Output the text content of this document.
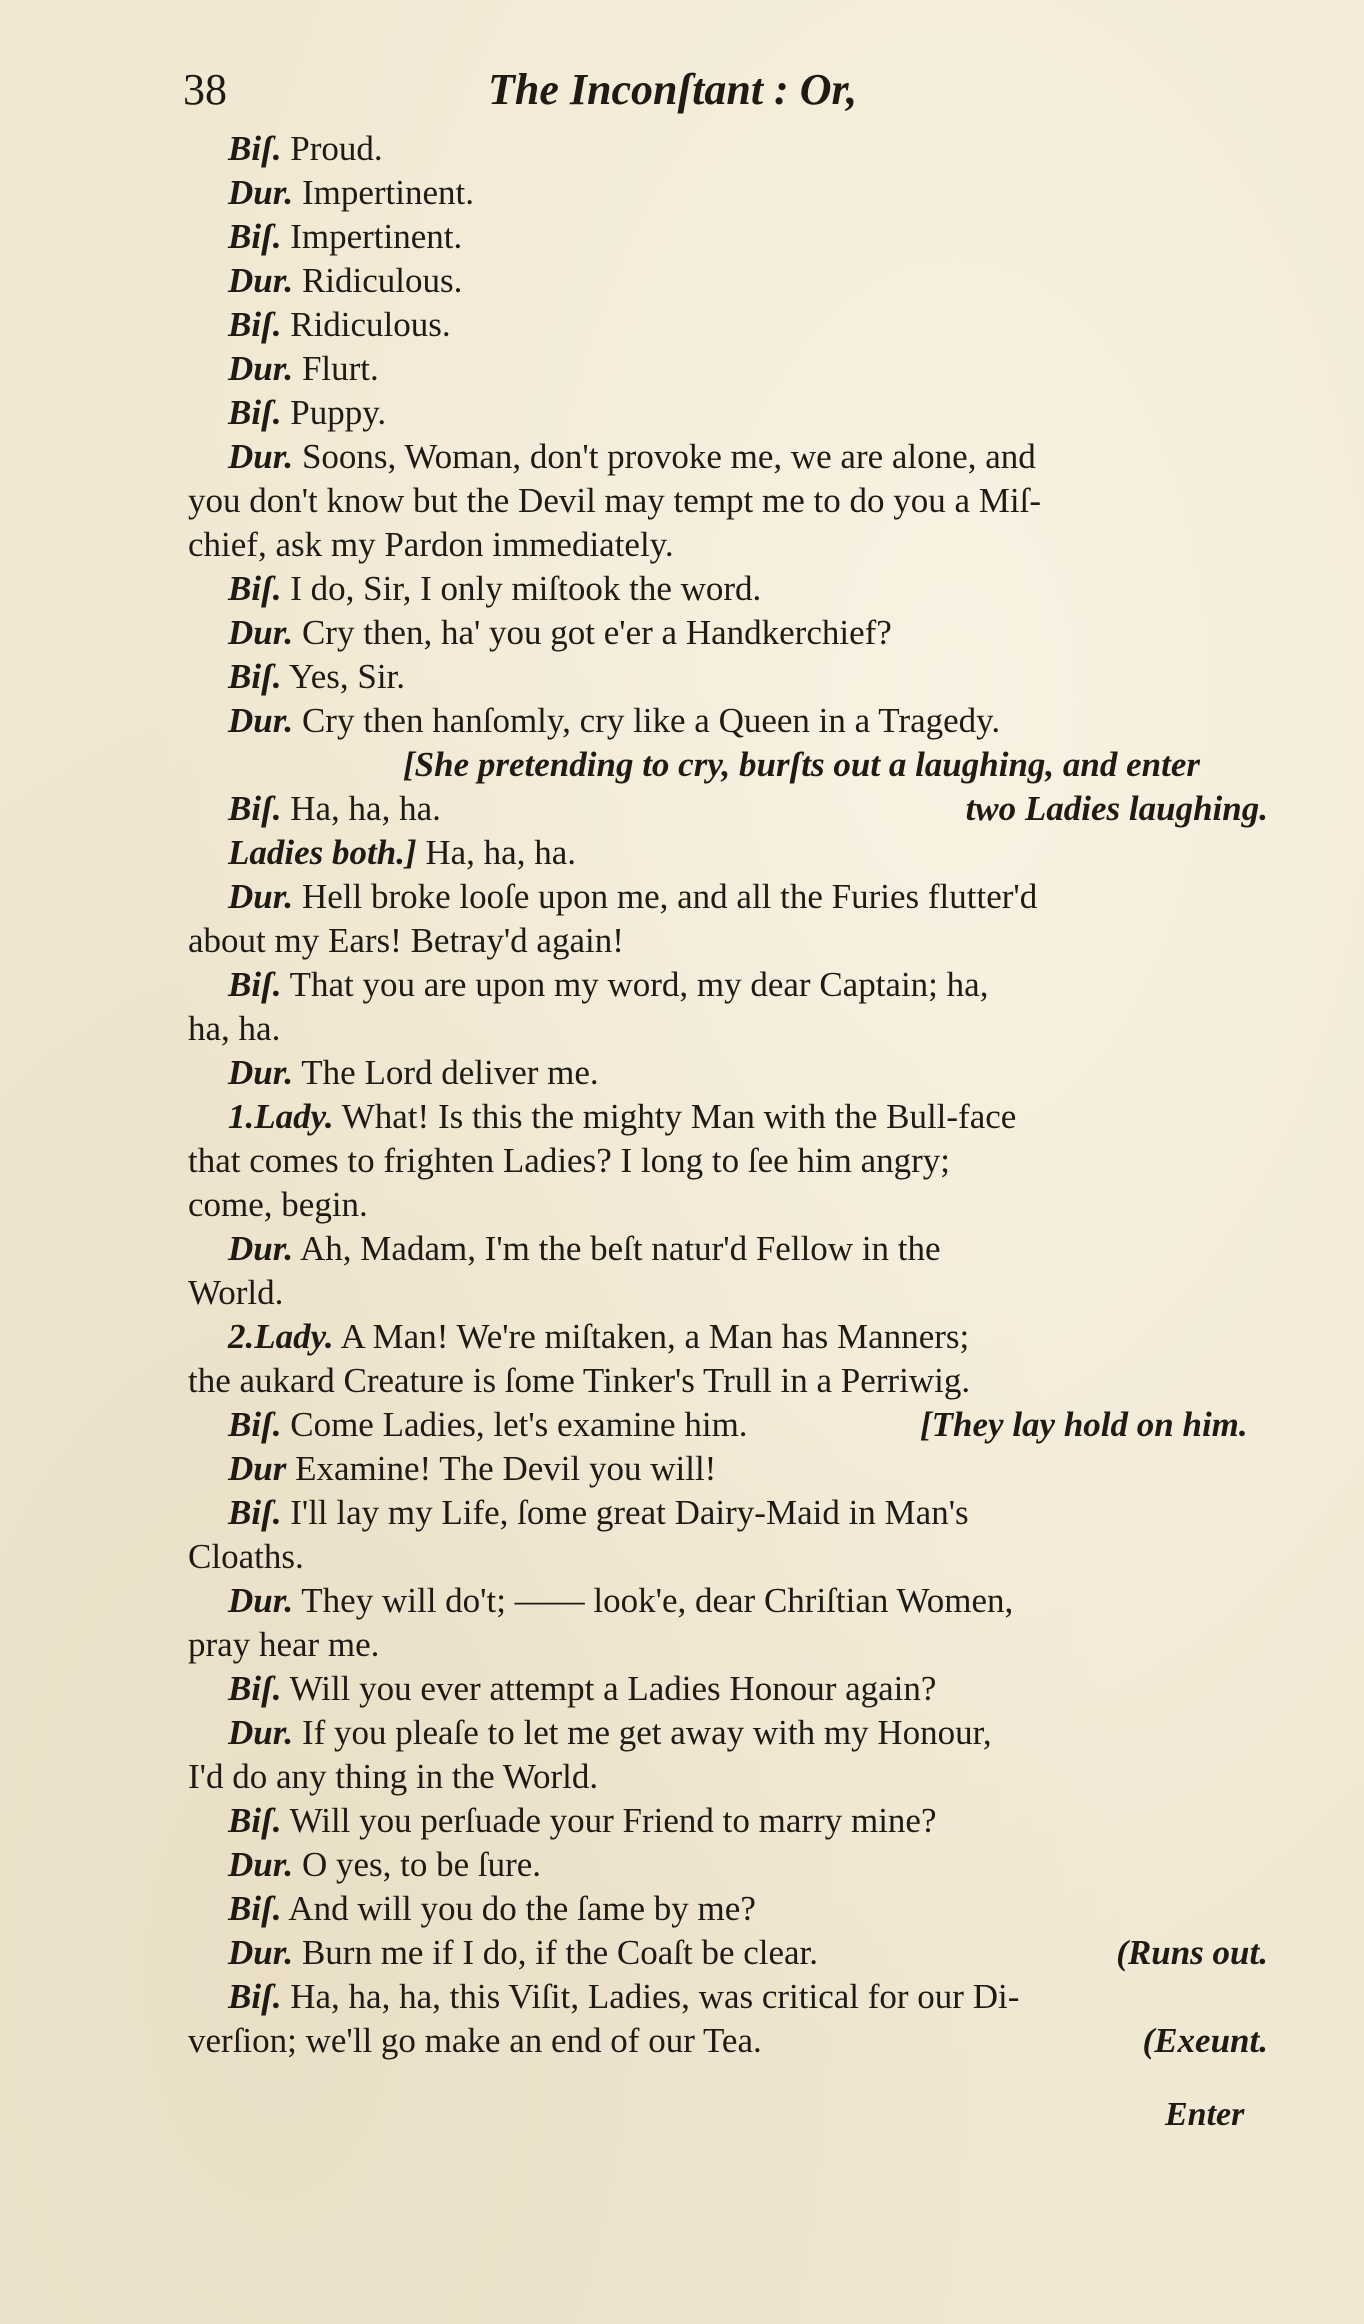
38	The Inconſtant : Or,
Biſ. Proud.
Dur. Impertinent.
Biſ. Impertinent.
Dur. Ridiculous.
Biſ. Ridiculous.
Dur. Flurt.
Biſ. Puppy.
Dur. Soons, Woman, don't provoke me, we are alone, and
you don't know but the Devil may tempt me to do you a Miſ-
chief, ask my Pardon immediately.
Biſ. I do, Sir, I only miſtook the word.
Dur. Cry then, ha' you got e'er a Handkerchief?
Biſ. Yes, Sir.
Dur. Cry then hanſomly, cry like a Queen in a Tragedy.
[She pretending to cry, burſts out a laughing, and enter
Biſ. Ha, ha, ha.	two Ladies laughing.
Ladies both.] Ha, ha, ha.
Dur. Hell broke looſe upon me, and all the Furies flutter'd
about my Ears! Betray'd again!
Biſ. That you are upon my word, my dear Captain; ha,
ha, ha.
Dur. The Lord deliver me.
1.Lady. What! Is this the mighty Man with the Bull-face
that comes to frighten Ladies? I long to ſee him angry;
come, begin.
Dur. Ah, Madam, I'm the beſt natur'd Fellow in the
World.
2.Lady. A Man! We're miſtaken, a Man has Manners;
the aukard Creature is ſome Tinker's Trull in a Perriwig.
Biſ. Come Ladies, let's examine him.	[They lay hold on him.
Dur Examine! The Devil you will!
Biſ. I'll lay my Life, ſome great Dairy-Maid in Man's
Cloaths.
Dur. They will do't; —— look'e, dear Chriſtian Women,
pray hear me.
Biſ. Will you ever attempt a Ladies Honour again?
Dur. If you pleaſe to let me get away with my Honour,
I'd do any thing in the World.
Biſ. Will you perſuade your Friend to marry mine?
Dur. O yes, to be ſure.
Biſ. And will you do the ſame by me?
Dur. Burn me if I do, if the Coaſt be clear.	(Runs out.
Biſ. Ha, ha, ha, this Viſit, Ladies, was critical for our Di-
verſion; we'll go make an end of our Tea.	(Exeunt.
Enter
